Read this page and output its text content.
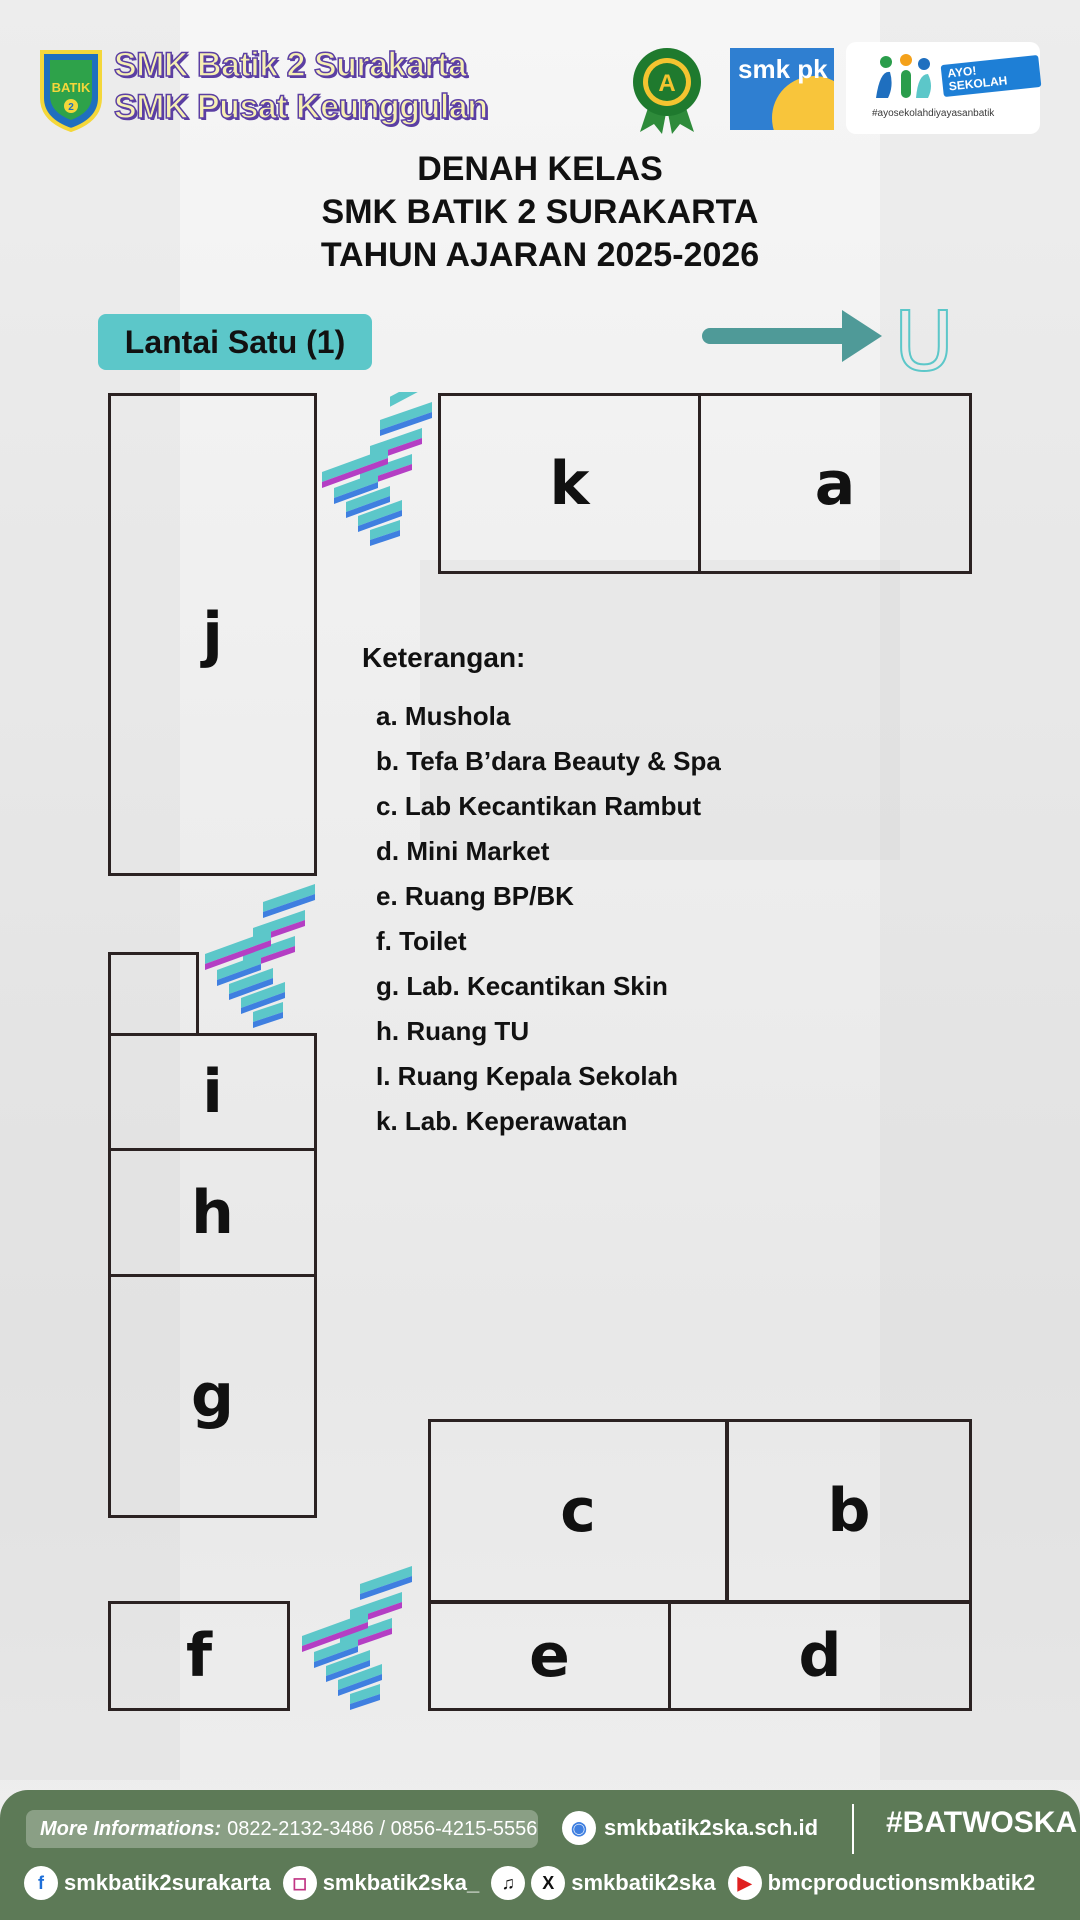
BATIK
2
SMK Batik 2 Surakarta
SMK Pusat Keunggulan
A smk pk	AYO! SEKOLAH
#ayosekolahdiyayasanbatik
DENAH KELAS
SMK BATIK 2 SURAKARTA
TAHUN AJARAN 2025-2026
Lantai Satu (1)	U
j
k	a
i
h
g
c	b
f	e	d
Keterangan:
a. Mushola
b. Tefa B’dara Beauty & Spa
c. Lab Kecantikan Rambut
d. Mini Market
e. Ruang BP/BK
f. Toilet
g. Lab. Kecantikan Skin
h. Ruang TU
I. Ruang Kepala Sekolah
k. Lab. Keperawatan
More Informations: 0822-2132-3486 / 0856-4215-5556	◉ smkbatik2ska.sch.id #BATWOSKA
f smkbatik2surakarta	◻ smkbatik2ska_	♫	X smkbatik2ska	▶ bmcproductionsmkbatik2
